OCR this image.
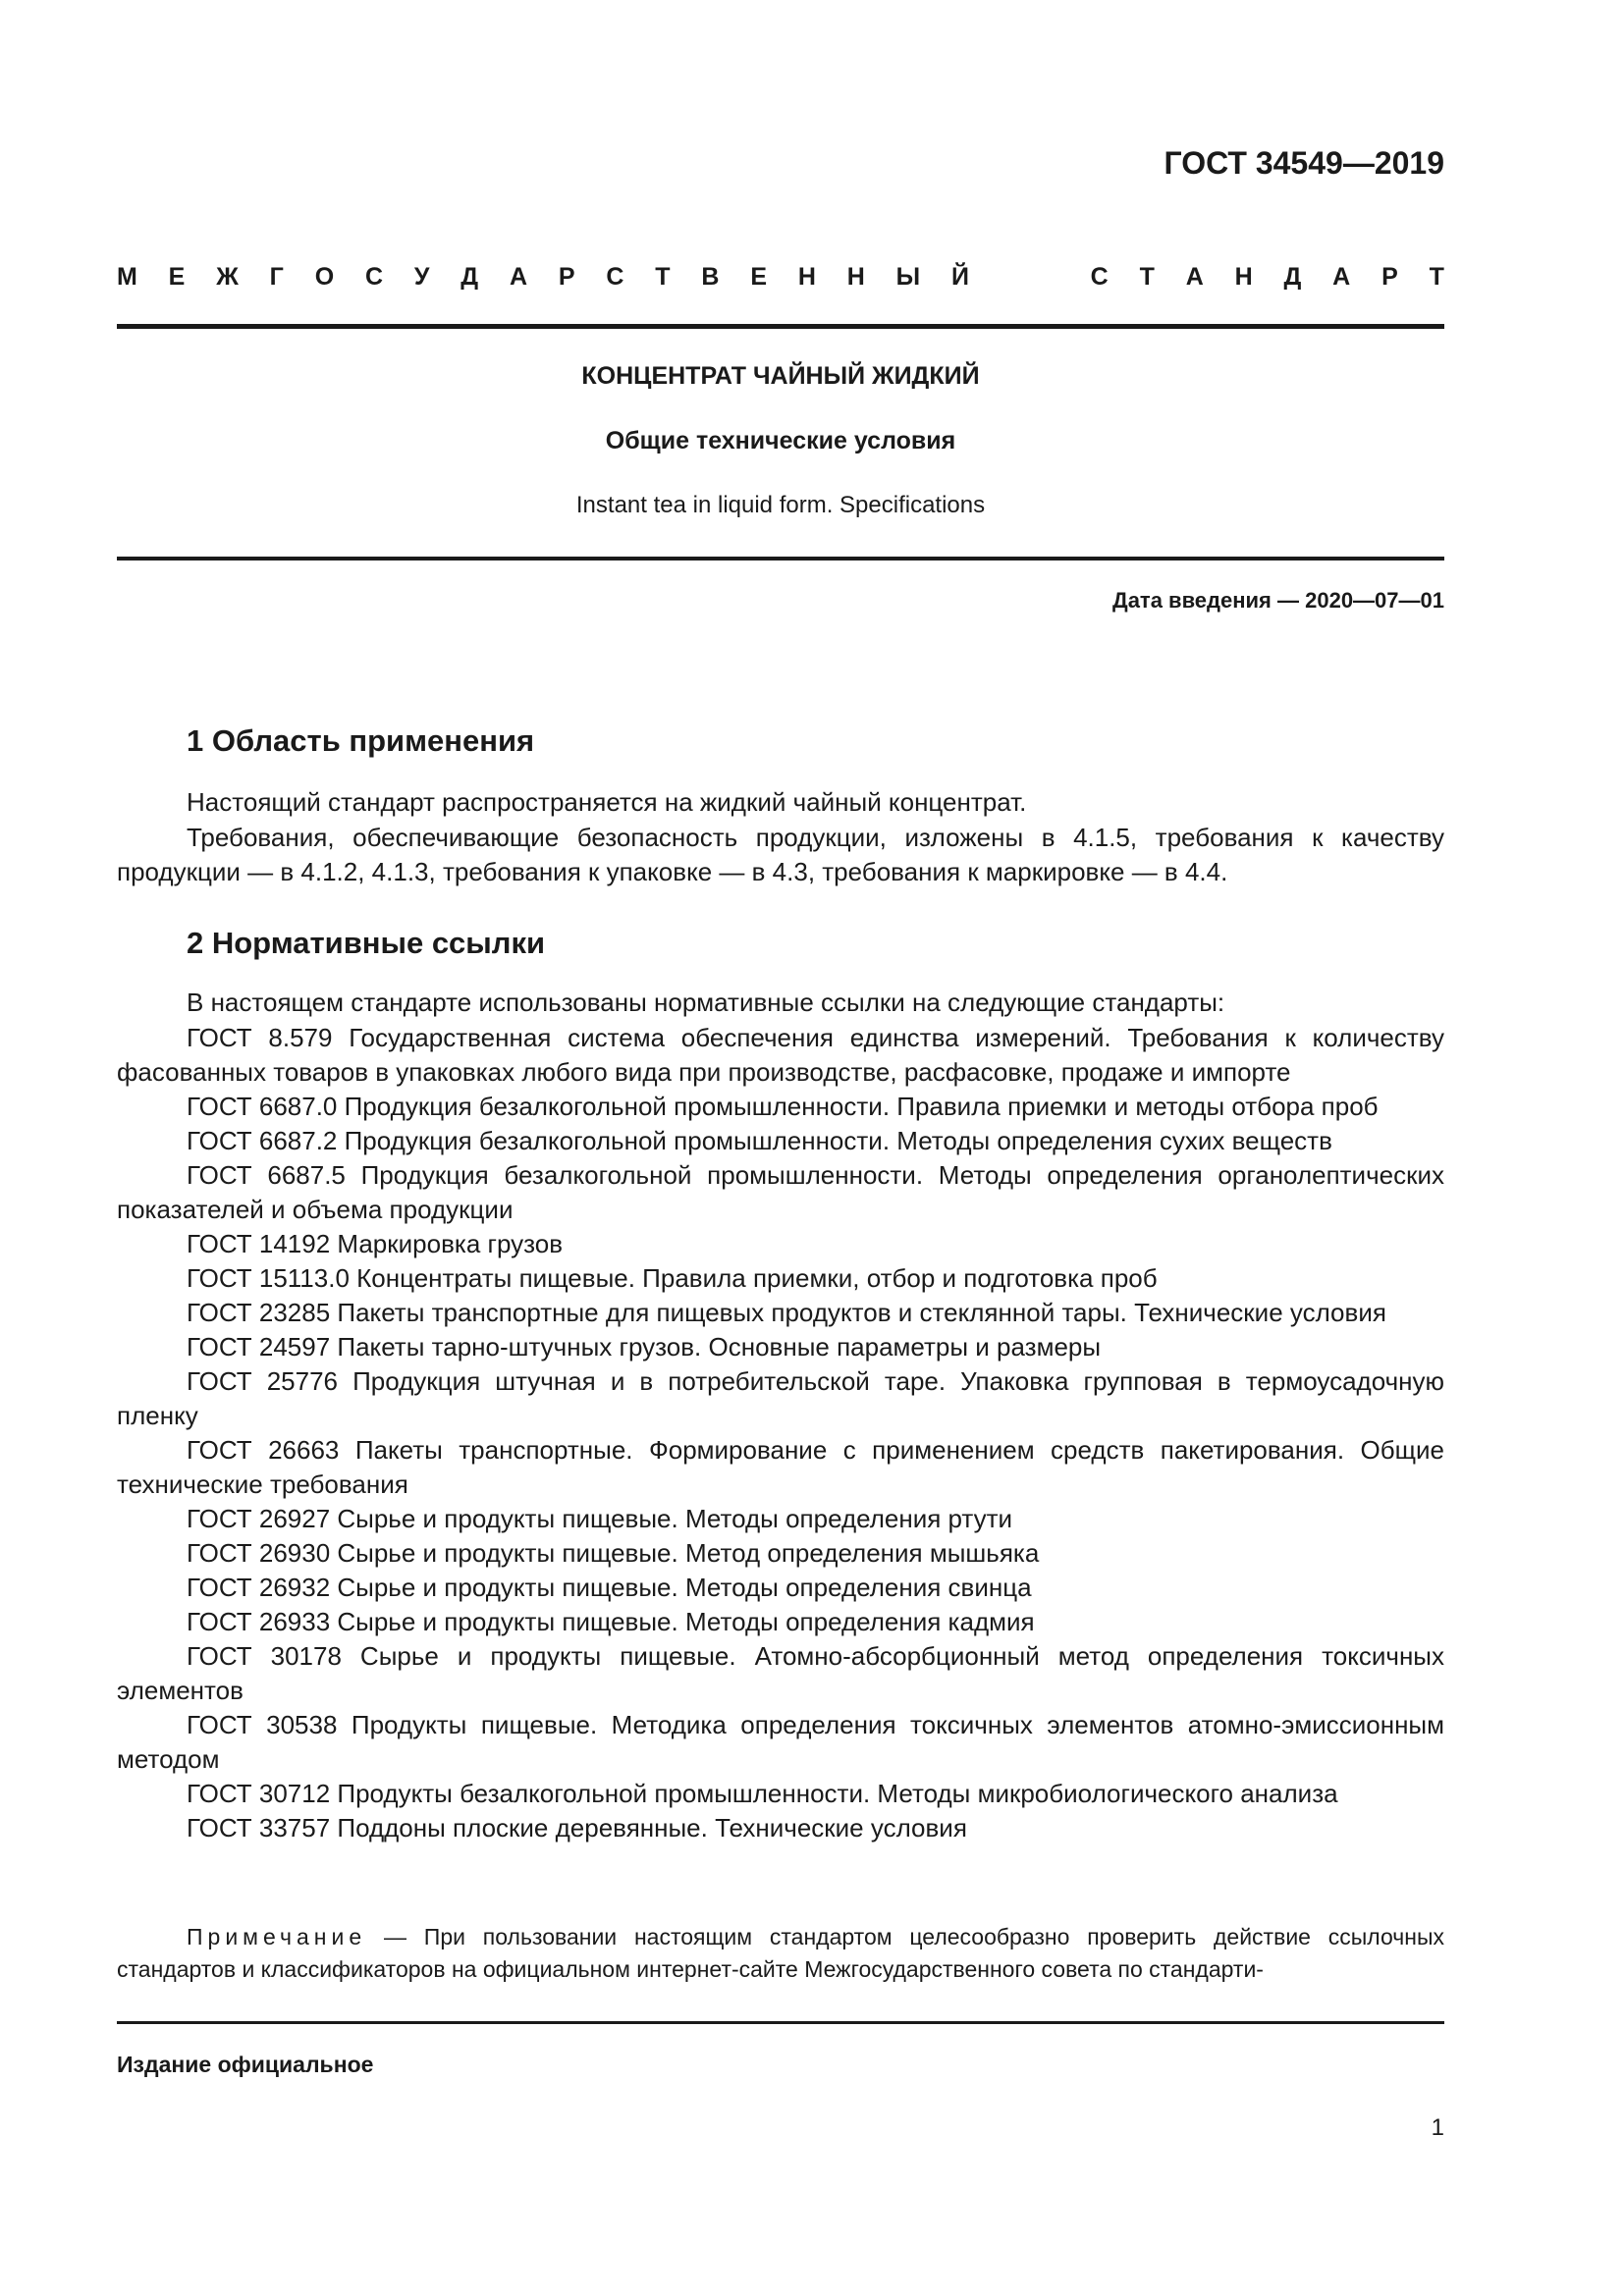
ГОСТ 34549—2019
М Е Ж Г О С У Д А Р С Т В Е Н Н Ы Й	С Т А Н Д А Р Т
КОНЦЕНТРАТ ЧАЙНЫЙ ЖИДКИЙ
Общие технические условия
Instant tea in liquid form. Specifications
Дата введения — 2020—07—01
1 Область применения
Настоящий стандарт распространяется на жидкий чайный концентрат.
Требования, обеспечивающие безопасность продукции, изложены в 4.1.5, требования к качеству продукции — в 4.1.2, 4.1.3, требования к упаковке — в 4.3, требования к маркировке — в 4.4.
2 Нормативные ссылки
В настоящем стандарте использованы нормативные ссылки на следующие стандарты:
ГОСТ 8.579 Государственная система обеспечения единства измерений. Требования к количеству фасованных товаров в упаковках любого вида при производстве, расфасовке, продаже и импорте
ГОСТ 6687.0 Продукция безалкогольной промышленности. Правила приемки и методы отбора проб
ГОСТ 6687.2 Продукция безалкогольной промышленности. Методы определения сухих веществ
ГОСТ 6687.5 Продукция безалкогольной промышленности. Методы определения органолептических показателей и объема продукции
ГОСТ 14192 Маркировка грузов
ГОСТ 15113.0 Концентраты пищевые. Правила приемки, отбор и подготовка проб
ГОСТ 23285 Пакеты транспортные для пищевых продуктов и стеклянной тары. Технические условия
ГОСТ 24597 Пакеты тарно-штучных грузов. Основные параметры и размеры
ГОСТ 25776 Продукция штучная и в потребительской таре. Упаковка групповая в термоусадочную пленку
ГОСТ 26663 Пакеты транспортные. Формирование с применением средств пакетирования. Общие технические требования
ГОСТ 26927 Сырье и продукты пищевые. Методы определения ртути
ГОСТ 26930 Сырье и продукты пищевые. Метод определения мышьяка
ГОСТ 26932 Сырье и продукты пищевые. Методы определения свинца
ГОСТ 26933 Сырье и продукты пищевые. Методы определения кадмия
ГОСТ 30178 Сырье и продукты пищевые. Атомно-абсорбционный метод определения токсичных элементов
ГОСТ 30538 Продукты пищевые. Методика определения токсичных элементов атомно-эмиссионным методом
ГОСТ 30712 Продукты безалкогольной промышленности. Методы микробиологического анализа
ГОСТ 33757 Поддоны плоские деревянные. Технические условия
Примечание — При пользовании настоящим стандартом целесообразно проверить действие ссылочных стандартов и классификаторов на официальном интернет-сайте Межгосударственного совета по стандарти-
Издание официальное
1
